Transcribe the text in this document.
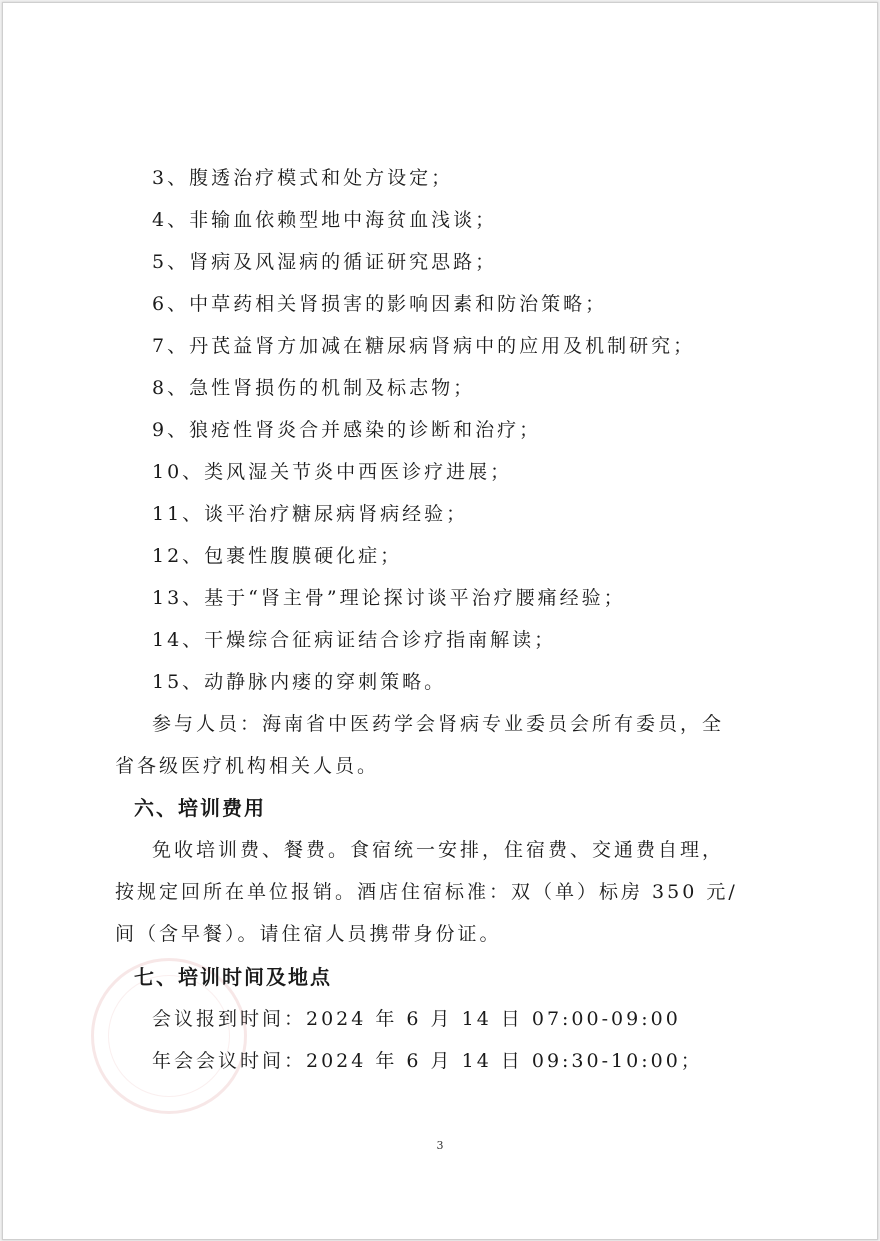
3、腹透治疗模式和处方设定；
4、非输血依赖型地中海贫血浅谈；
5、肾病及风湿病的循证研究思路；
6、中草药相关肾损害的影响因素和防治策略；
7、丹芪益肾方加减在糖尿病肾病中的应用及机制研究；
8、急性肾损伤的机制及标志物；
9、狼疮性肾炎合并感染的诊断和治疗；
10、类风湿关节炎中西医诊疗进展；
11、谈平治疗糖尿病肾病经验；
12、包裹性腹膜硬化症；
13、基于“肾主骨”理论探讨谈平治疗腰痛经验；
14、干燥综合征病证结合诊疗指南解读；
15、动静脉内瘘的穿刺策略。
参与人员：海南省中医药学会肾病专业委员会所有委员，全
省各级医疗机构相关人员。
六、培训费用
免收培训费、餐费。食宿统一安排，住宿费、交通费自理，
按规定回所在单位报销。酒店住宿标准：双（单）标房 350 元/
间（含早餐）。请住宿人员携带身份证。
七、培训时间及地点
会议报到时间：2024 年 6 月 14 日 07:00-09:00
年会会议时间：2024 年 6 月 14 日 09:30-10:00；
3
